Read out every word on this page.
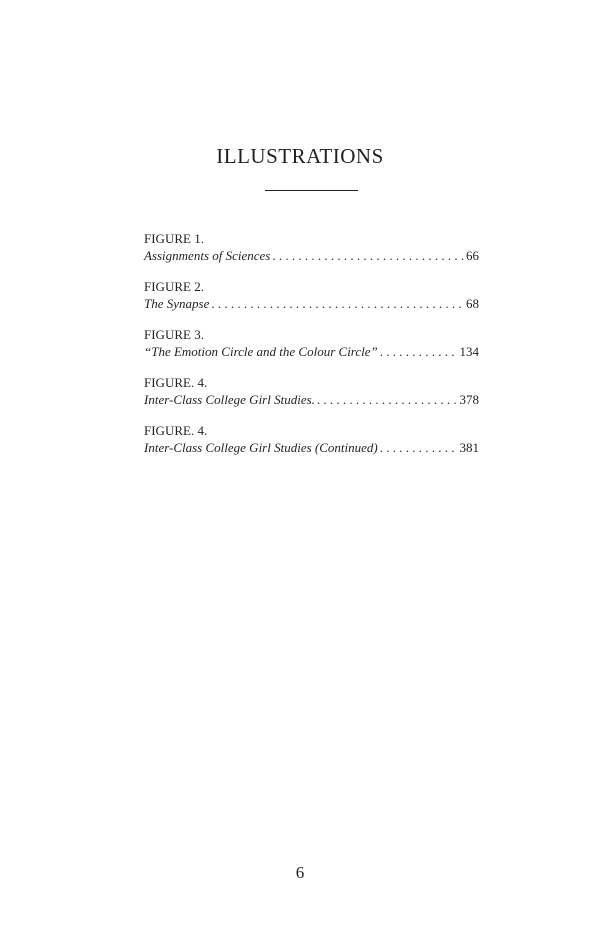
ILLUSTRATIONS
FIGURE 1.
Assignments of Sciences . . .	66
FIGURE 2.
The Synapse . . .	68
FIGURE 3.
“The Emotion Circle and the Colour Circle” . . .	134
FIGURE. 4.
Inter-Class College Girl Studies. . . .	378
FIGURE. 4.
Inter-Class College Girl Studies (Continued) . . .	381
6
